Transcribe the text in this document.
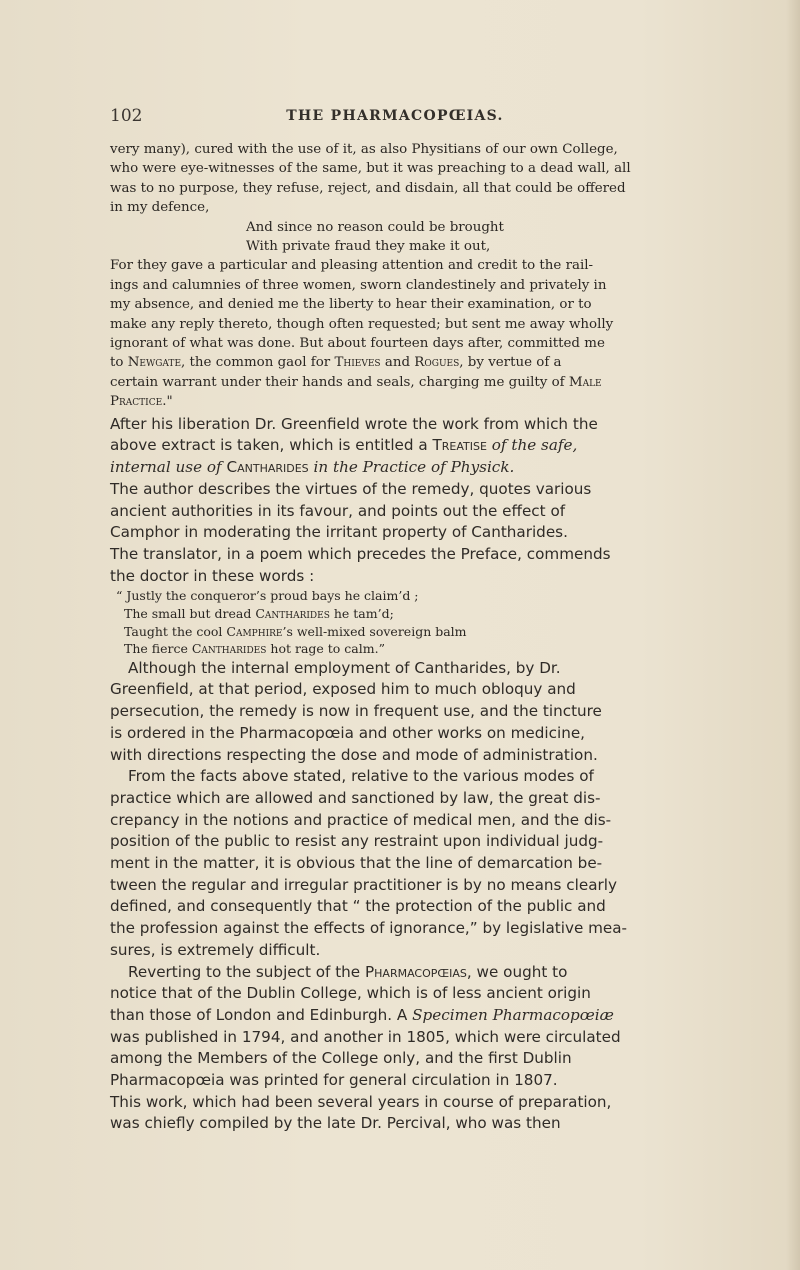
102	THE PHARMACOPŒIAS.

very many), cured with the use of it, as also Physitians of our own College,
who were eye-witnesses of the same, but it was preaching to a dead wall, all
was to no purpose, they refuse, reject, and disdain, all that could be offered
in my defence,

And since no reason could be brought
With private fraud they make it out,

For they gave a particular and pleasing attention and credit to the rail-
ings and calumnies of three women, sworn clandestinely and privately in
my absence, and denied me the liberty to hear their examination, or to
make any reply thereto, though often requested; but sent me away wholly
ignorant of what was done. But about fourteen days after, committed me
to Newgate, the common gaol for Thieves and Rogues, by vertue of a
certain warrant under their hands and seals, charging me guilty of Male
Practice."

After his liberation Dr. Greenfield wrote the work from which the
above extract is taken, which is entitled a Treatise of the safe,
internal use of Cantharides in the Practice of Physick.
The author describes the virtues of the remedy, quotes various
ancient authorities in its favour, and points out the effect of
Camphor in moderating the irritant property of Cantharides.
The translator, in a poem which precedes the Preface, commends
the doctor in these words :

“ Justly the conqueror’s proud bays he claim’d ;
The small but dread Cantharides he tam’d;
Taught the cool Camphire’s well-mixed sovereign balm
The fierce Cantharides hot rage to calm.”

Although the internal employment of Cantharides, by Dr.
Greenfield, at that period, exposed him to much obloquy and
persecution, the remedy is now in frequent use, and the tincture
is ordered in the Pharmacopœia and other works on medicine,
with directions respecting the dose and mode of administration.

From the facts above stated, relative to the various modes of
practice which are allowed and sanctioned by law, the great dis-
crepancy in the notions and practice of medical men, and the dis-
position of the public to resist any restraint upon individual judg-
ment in the matter, it is obvious that the line of demarcation be-
tween the regular and irregular practitioner is by no means clearly
defined, and consequently that “ the protection of the public and
the profession against the effects of ignorance,” by legislative mea-
sures, is extremely difficult.

Reverting to the subject of the Pharmacopœias, we ought to
notice that of the Dublin College, which is of less ancient origin
than those of London and Edinburgh. A Specimen Pharmacopœiæ
was published in 1794, and another in 1805, which were circulated
among the Members of the College only, and the first Dublin
Pharmacopœia was printed for general circulation in 1807.
This work, which had been several years in course of preparation,
was chiefly compiled by the late Dr. Percival, who was then
